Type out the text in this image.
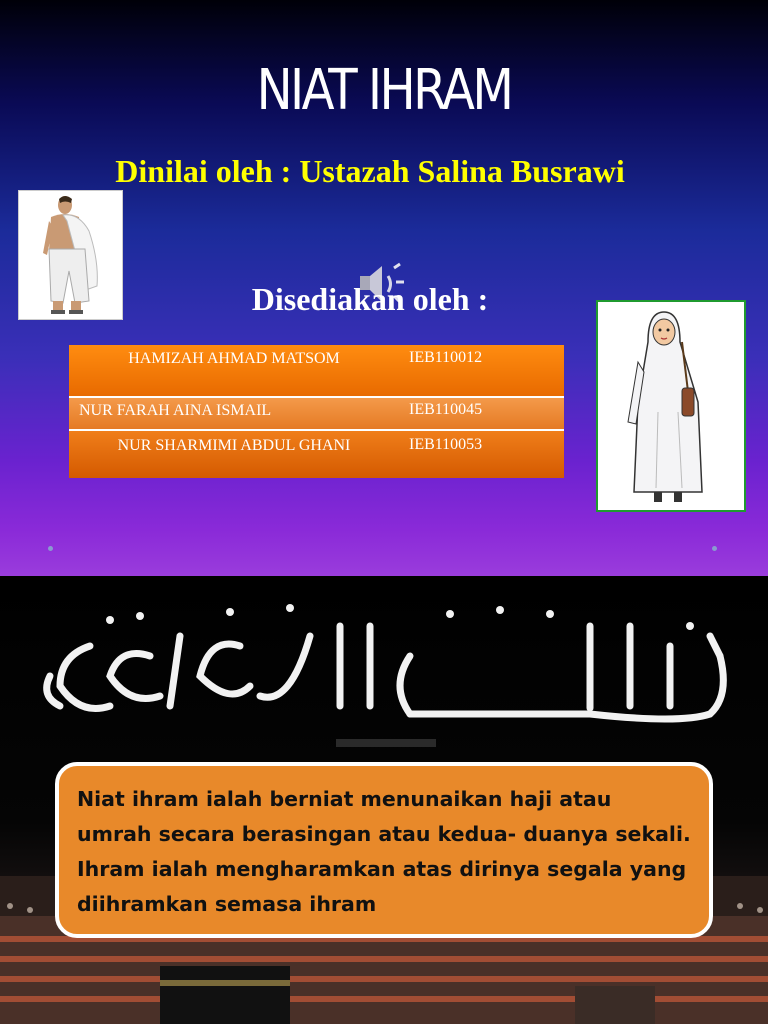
NIAT IHRAM
Dinilai oleh : Ustazah Salina Busrawi
Disediakan oleh :
HAMIZAH AHMAD MATSOM	IEB110012
NUR FARAH AINA ISMAIL	IEB110045
NUR SHARMIMI ABDUL GHANI	IEB110053
Niat ihram ialah berniat menunaikan haji atau umrah secara berasingan atau kedua- duanya sekali. Ihram ialah mengharamkan atas dirinya segala yang diihramkan semasa ihram
